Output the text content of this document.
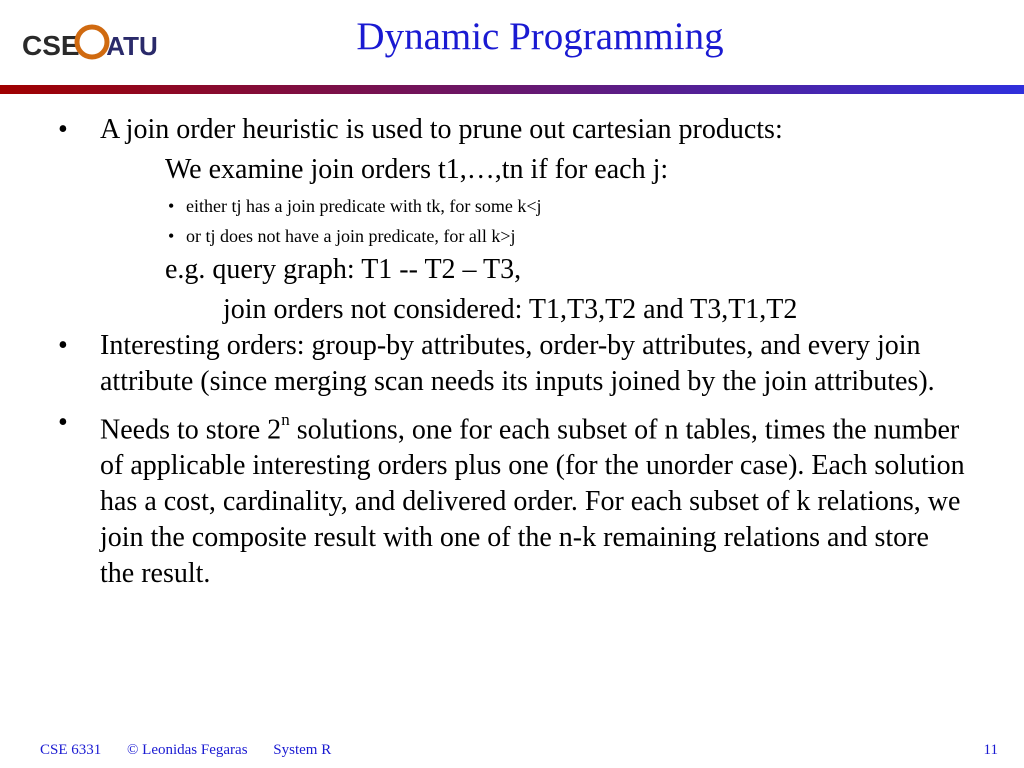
CSE UTA	Dynamic Programming
• A join order heuristic is used to prune out cartesian products:
We examine join orders t1,…,tn if for each j:
• either tj has a join predicate with tk, for some k<j
• or tj does not have a join predicate, for all k>j
e.g. query graph: T1 -- T2 – T3,
join orders not considered: T1,T3,T2 and T3,T1,T2
• Interesting orders: group-by attributes, order-by attributes, and every join attribute (since merging scan needs its inputs joined by the join attributes).
• Needs to store 2$^n$ solutions, one for each subset of n tables, times the number of applicable interesting orders plus one (for the unorder case). Each solution has a cost, cardinality, and delivered order. For each subset of k relations, we join the composite result with one of the n-k remaining relations and store the result.
CSE 6331 © Leonidas Fegaras System R	11
